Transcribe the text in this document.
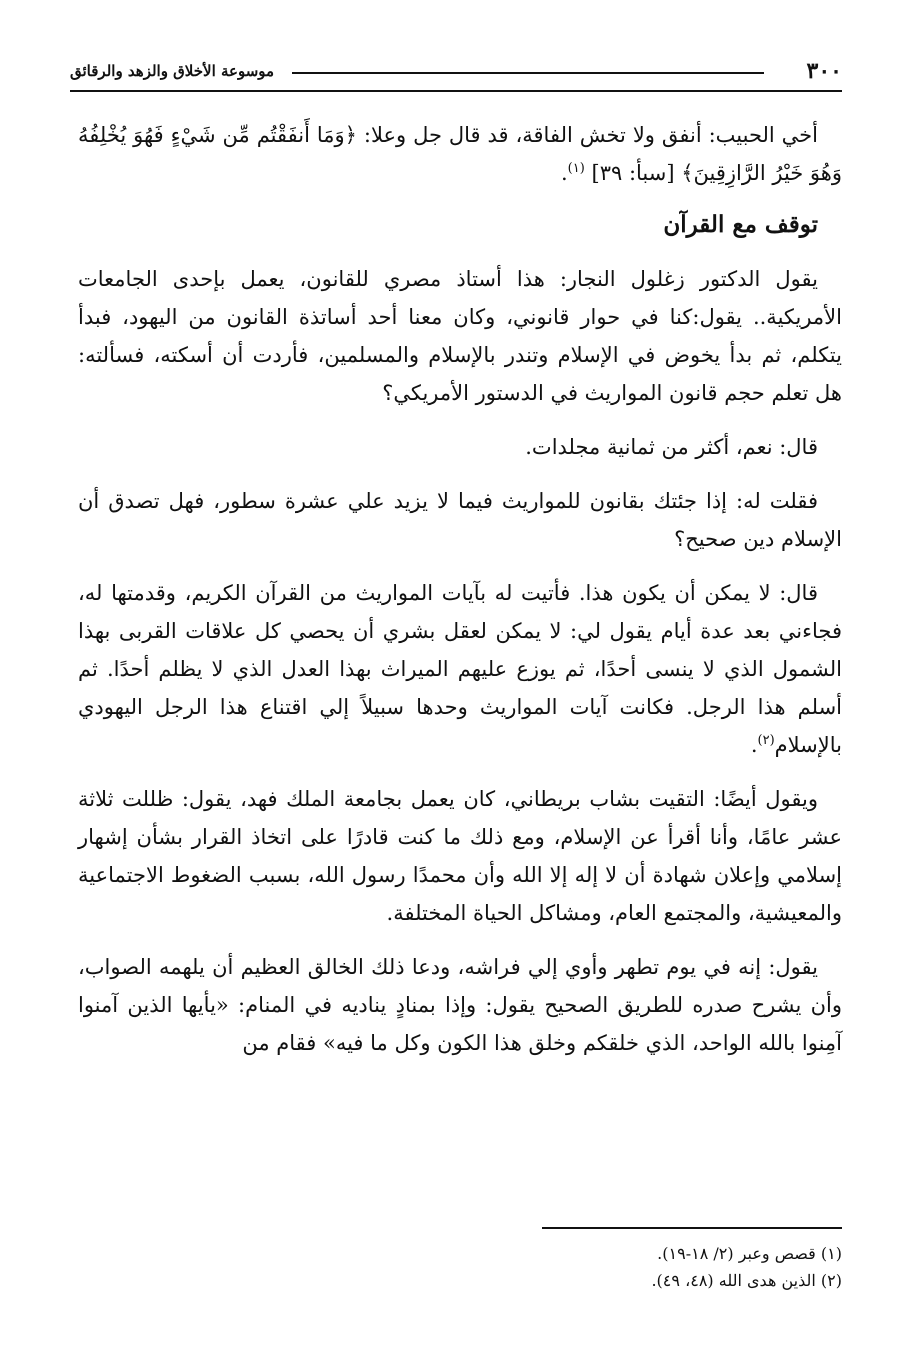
٣٠٠
موسوعة الأخلاق والزهد والرقائق

أخي الحبيب: أنفق ولا تخش الفاقة، قد قال جل وعلا: ﴿وَمَا أَنفَقْتُم مِّن شَيْءٍ فَهُوَ يُخْلِفُهُ وَهُوَ خَيْرُ الرَّازِقِينَ﴾ [سبأ: ٣٩] $^{(١)}$.

توقف مع القرآن

يقول الدكتور زغلول النجار: هذا أستاذ مصري للقانون، يعمل بإحدى الجامعات الأمريكية.. يقول:كنا في حوار قانوني، وكان معنا أحد أساتذة القانون من اليهود، فبدأ يتكلم، ثم بدأ يخوض في الإسلام وتندر بالإسلام والمسلمين، فأردت أن أسكته، فسألته: هل تعلم حجم قانون المواريث في الدستور الأمريكي؟

قال: نعم، أكثر من ثمانية مجلدات.

فقلت له: إذا جئتك بقانون للمواريث فيما لا يزيد علي عشرة سطور، فهل تصدق أن الإسلام دين صحيح؟

قال: لا يمكن أن يكون هذا. فأتيت له بآيات المواريث من القرآن الكريم، وقدمتها له، فجاءني بعد عدة أيام يقول لي: لا يمكن لعقل بشري أن يحصي كل علاقات القربى بهذا الشمول الذي لا ينسى أحدًا، ثم يوزع عليهم الميراث بهذا العدل الذي لا يظلم أحدًا. ثم أسلم هذا الرجل. فكانت آيات المواريث وحدها سبيلاً إلي اقتناع هذا الرجل اليهودي بالإسلام$^{(٢)}$.

ويقول أيضًا: التقيت بشاب بريطاني، كان يعمل بجامعة الملك فهد، يقول: ظللت ثلاثة عشر عامًا، وأنا أقرأ عن الإسلام، ومع ذلك ما كنت قادرًا على اتخاذ القرار بشأن إشهار إسلامي وإعلان شهادة أن لا إله إلا الله وأن محمدًا رسول الله، بسبب الضغوط الاجتماعية والمعيشية، والمجتمع العام، ومشاكل الحياة المختلفة.

يقول: إنه في يوم تطهر وأوي إلي فراشه، ودعا ذلك الخالق العظيم أن يلهمه الصواب، وأن يشرح صدره للطريق الصحيح يقول: وإذا بمنادٍ يناديه في المنام: «يأيها الذين آمنوا آمِنوا بالله الواحد، الذي خلقكم وخلق هذا الكون وكل ما فيه» فقام من

(١) قصص وعبر (٢/ ١٨-١٩).

(٢) الذين هدى الله (٤٨، ٤٩).
